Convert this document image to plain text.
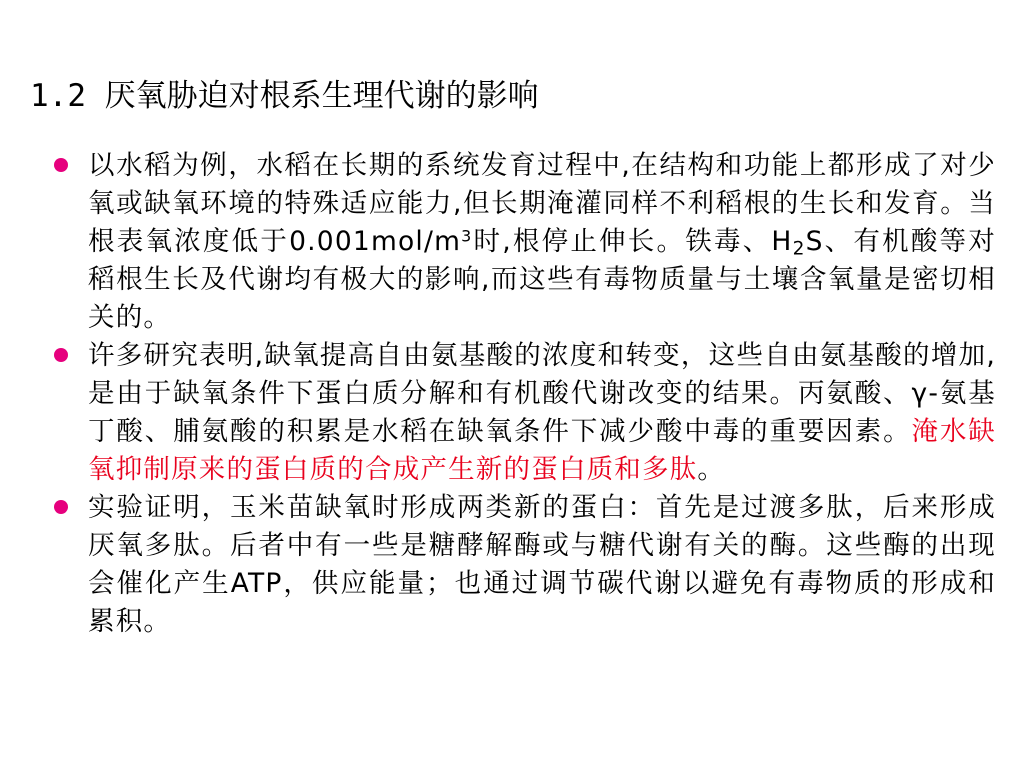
1.2 厌氧胁迫对根系生理代谢的影响
以水稻为例，水稻在长期的系统发育过程中,在结构和功能上都形成了对少氧或缺氧环境的特殊适应能力,但长期淹灌同样不利稻根的生长和发育。当根表氧浓度低于$0.001mol/m^3$时,根停止伸长。铁毒、$H_2S$、有机酸等对稻根生长及代谢均有极大的影响,而这些有毒物质量与土壤含氧量是密切相关的。
许多研究表明,缺氧提高自由氨基酸的浓度和转变，这些自由氨基酸的增加,是由于缺氧条件下蛋白质分解和有机酸代谢改变的结果。丙氨酸、γ-氨基丁酸、脯氨酸的积累是水稻在缺氧条件下减少酸中毒的重要因素。淹水缺氧抑制原来的蛋白质的合成产生新的蛋白质和多肽。
实验证明，玉米苗缺氧时形成两类新的蛋白：首先是过渡多肽，后来形成厌氧多肽。后者中有一些是糖酵解酶或与糖代谢有关的酶。这些酶的出现会催化产生ATP，供应能量；也通过调节碳代谢以避免有毒物质的形成和累积。
